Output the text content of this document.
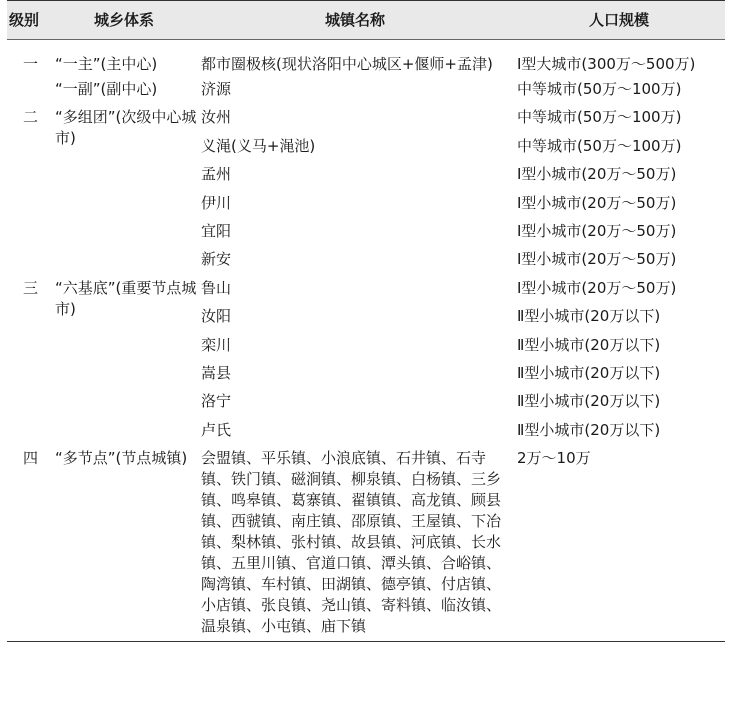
级别	城乡体系	城镇名称	人口规模
一	“一主”(主中心)	都市圈极核(现状洛阳中心城区+偃师+孟津)	Ⅰ型大城市(300万～500万)
	“一副”(副中心)	济源	中等城市(50万～100万)
二	“多组团”(次级中心城市)	汝州	中等城市(50万～100万)
		义渑(义马+渑池)	中等城市(50万～100万)
		孟州	Ⅰ型小城市(20万～50万)
		伊川	Ⅰ型小城市(20万～50万)
		宜阳	Ⅰ型小城市(20万～50万)
		新安	Ⅰ型小城市(20万～50万)
三	“六基底”(重要节点城市)	鲁山	Ⅰ型小城市(20万～50万)
		汝阳	Ⅱ型小城市(20万以下)
		栾川	Ⅱ型小城市(20万以下)
		嵩县	Ⅱ型小城市(20万以下)
		洛宁	Ⅱ型小城市(20万以下)
		卢氏	Ⅱ型小城市(20万以下)
四	“多节点”(节点城镇)	会盟镇、平乐镇、小浪底镇、石井镇、石寺镇、铁门镇、磁涧镇、柳泉镇、白杨镇、三乡镇、鸣皋镇、葛寨镇、翟镇镇、高龙镇、顾县镇、西虢镇、南庄镇、邵原镇、王屋镇、下冶镇、梨林镇、张村镇、故县镇、河底镇、长水镇、五里川镇、官道口镇、潭头镇、合峪镇、陶湾镇、车村镇、田湖镇、德亭镇、付店镇、小店镇、张良镇、尧山镇、寄料镇、临汝镇、温泉镇、小屯镇、庙下镇	2万～10万
